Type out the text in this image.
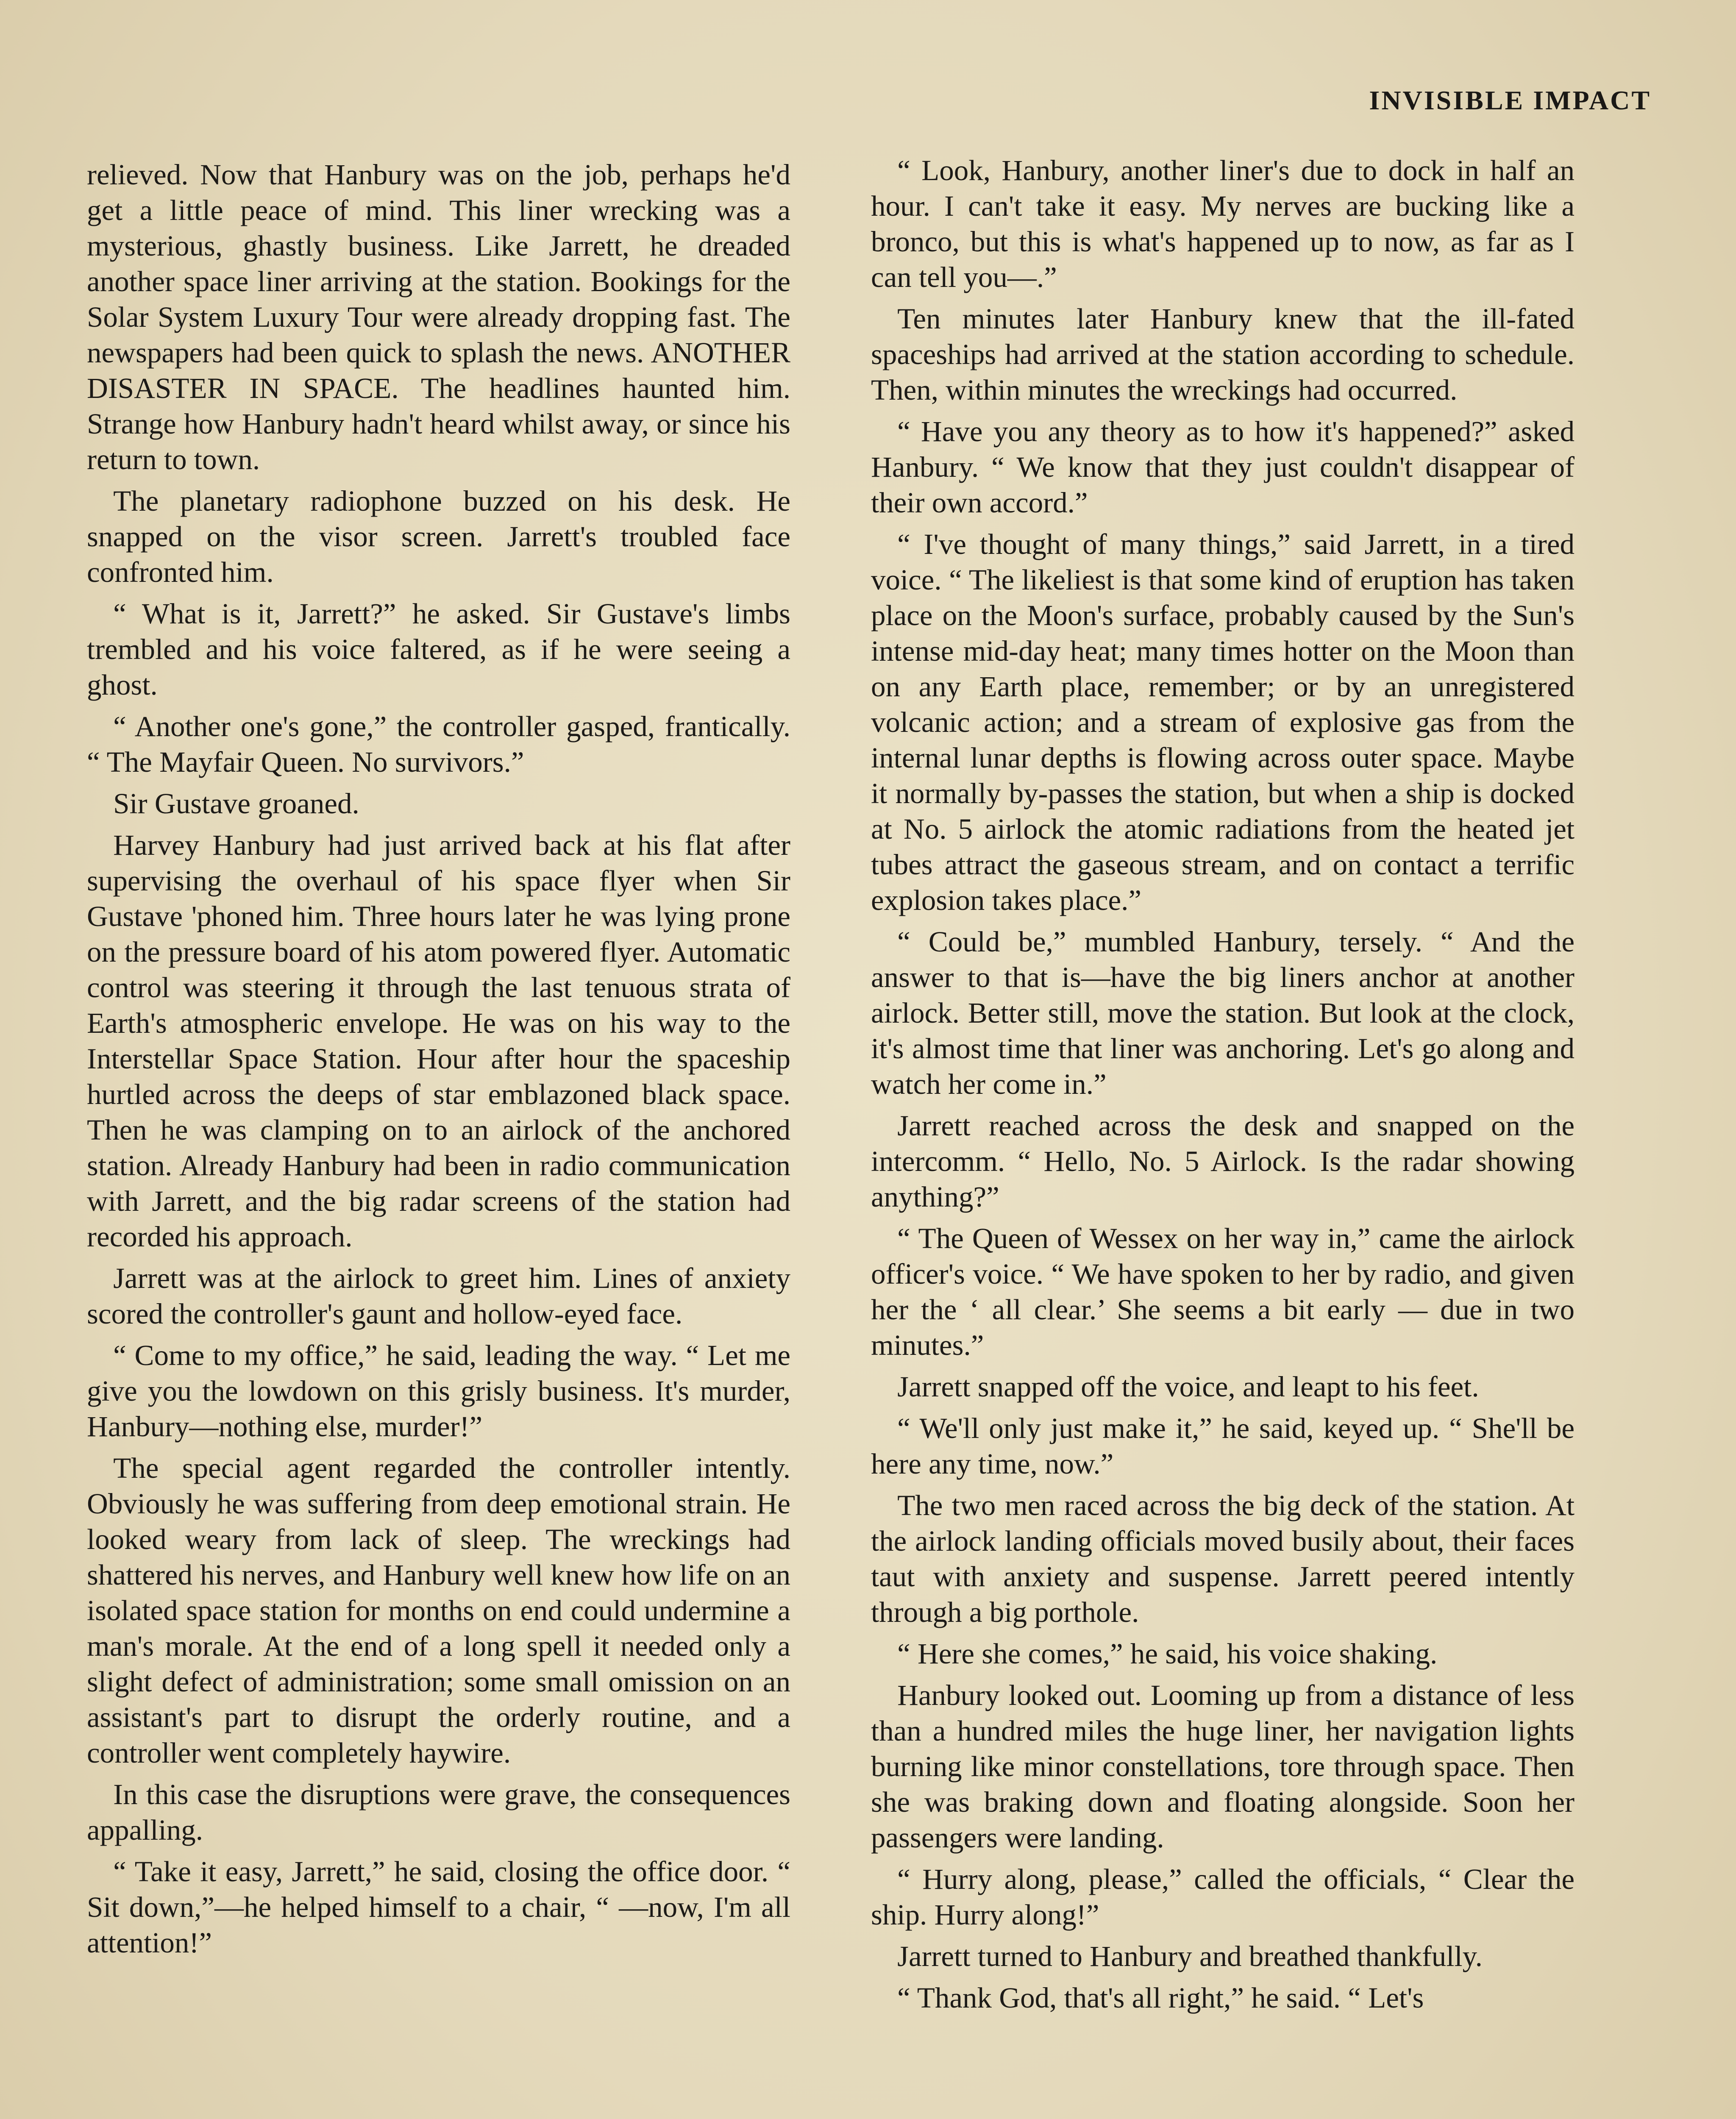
INVISIBLE IMPACT

relieved. Now that Hanbury was on the job, perhaps he'd get a little peace of mind. This liner wrecking was a mysterious, ghastly business. Like Jarrett, he dreaded another space liner arriving at the station. Bookings for the Solar System Luxury Tour were already dropping fast. The newspapers had been quick to splash the news. ANOTHER DISASTER IN SPACE. The headlines haunted him. Strange how Hanbury hadn't heard whilst away, or since his return to town.

The planetary radiophone buzzed on his desk. He snapped on the visor screen. Jarrett's troubled face confronted him.

“ What is it, Jarrett?” he asked. Sir Gustave's limbs trembled and his voice faltered, as if he were seeing a ghost.

“ Another one's gone,” the controller gasped, frantically. “ The Mayfair Queen. No survivors.”

Sir Gustave groaned.

Harvey Hanbury had just arrived back at his flat after supervising the overhaul of his space flyer when Sir Gustave 'phoned him. Three hours later he was lying prone on the pressure board of his atom powered flyer. Automatic control was steering it through the last tenuous strata of Earth's atmospheric envelope. He was on his way to the Interstellar Space Station. Hour after hour the spaceship hurtled across the deeps of star emblazoned black space. Then he was clamping on to an airlock of the anchored station. Already Hanbury had been in radio communication with Jarrett, and the big radar screens of the station had recorded his approach.

Jarrett was at the airlock to greet him. Lines of anxiety scored the controller's gaunt and hollow-eyed face.

“ Come to my office,” he said, leading the way. “ Let me give you the lowdown on this grisly business. It's murder, Hanbury—nothing else, murder!”

The special agent regarded the controller intently. Obviously he was suffering from deep emotional strain. He looked weary from lack of sleep. The wreckings had shattered his nerves, and Hanbury well knew how life on an isolated space station for months on end could undermine a man's morale. At the end of a long spell it needed only a slight defect of administration; some small omission on an assistant's part to disrupt the orderly routine, and a controller went completely haywire.

In this case the disruptions were grave, the consequences appalling.

“ Take it easy, Jarrett,” he said, closing the office door. “ Sit down,”—he helped himself to a chair, “ —now, I'm all attention!”

“ Look, Hanbury, another liner's due to dock in half an hour. I can't take it easy. My nerves are bucking like a bronco, but this is what's happened up to now, as far as I can tell you—.”

Ten minutes later Hanbury knew that the ill-fated spaceships had arrived at the station according to schedule. Then, within minutes the wreckings had occurred.

“ Have you any theory as to how it's happened?” asked Hanbury. “ We know that they just couldn't disappear of their own accord.”

“ I've thought of many things,” said Jarrett, in a tired voice. “ The likeliest is that some kind of eruption has taken place on the Moon's surface, probably caused by the Sun's intense mid-day heat; many times hotter on the Moon than on any Earth place, remember; or by an unregistered volcanic action; and a stream of explosive gas from the internal lunar depths is flowing across outer space. Maybe it normally by-passes the station, but when a ship is docked at No. 5 airlock the atomic radiations from the heated jet tubes attract the gaseous stream, and on contact a terrific explosion takes place.”

“ Could be,” mumbled Hanbury, tersely. “ And the answer to that is—have the big liners anchor at another airlock. Better still, move the station. But look at the clock, it's almost time that liner was anchoring. Let's go along and watch her come in.”

Jarrett reached across the desk and snapped on the intercomm. “ Hello, No. 5 Airlock. Is the radar showing anything?”

“ The Queen of Wessex on her way in,” came the airlock officer's voice. “ We have spoken to her by radio, and given her the ‘ all clear.’ She seems a bit early — due in two minutes.”

Jarrett snapped off the voice, and leapt to his feet.

“ We'll only just make it,” he said, keyed up. “ She'll be here any time, now.”

The two men raced across the big deck of the station. At the airlock landing officials moved busily about, their faces taut with anxiety and suspense. Jarrett peered intently through a big porthole.

“ Here she comes,” he said, his voice shaking.

Hanbury looked out. Looming up from a distance of less than a hundred miles the huge liner, her navigation lights burning like minor constellations, tore through space. Then she was braking down and floating alongside. Soon her passengers were landing.

“ Hurry along, please,” called the officials, “ Clear the ship. Hurry along!”

Jarrett turned to Hanbury and breathed thankfully.

“ Thank God, that's all right,” he said. “ Let's
